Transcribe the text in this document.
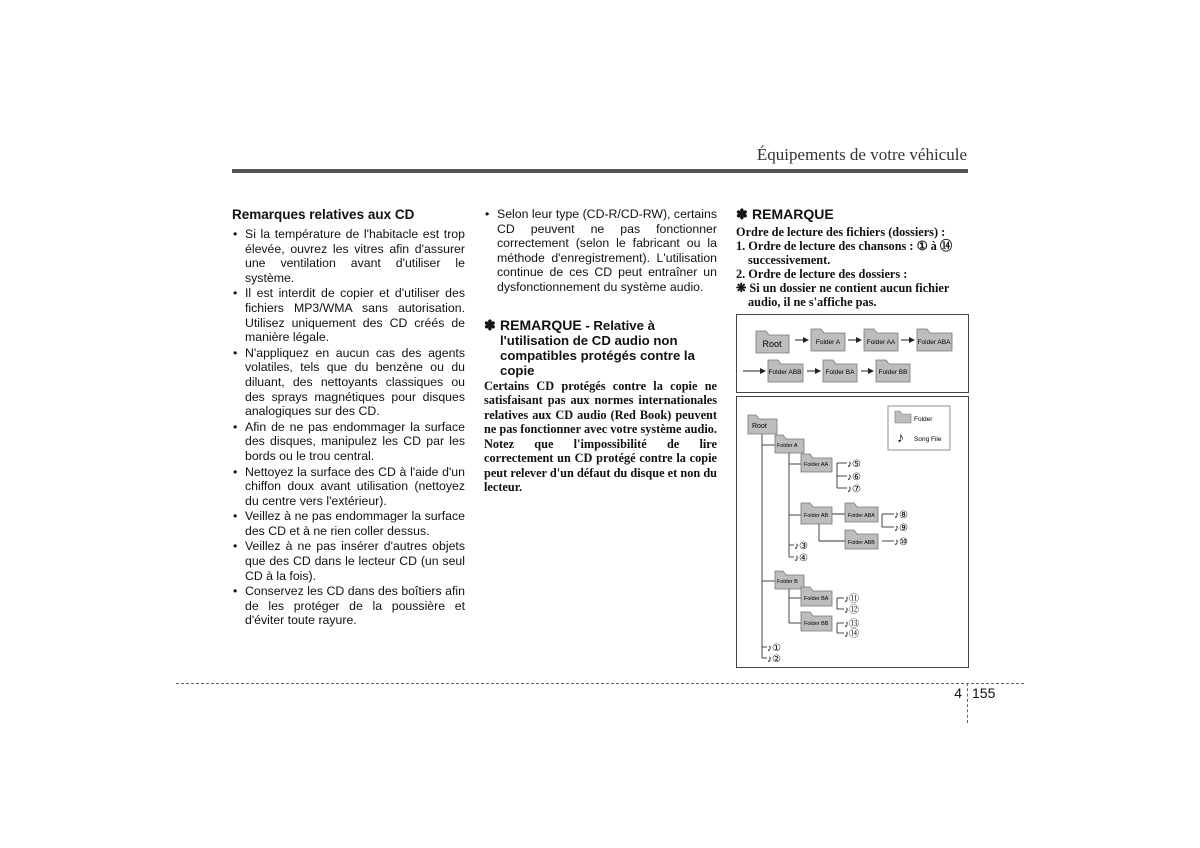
Équipements de votre véhicule
Remarques relatives aux CD
• Si la température de l'habitacle est trop élevée, ouvrez les vitres afin d'assurer une ventilation avant d'utiliser le système.
• Il est interdit de copier et d'utiliser des fichiers MP3/WMA sans autorisation. Utilisez uniquement des CD créés de manière légale.
• N'appliquez en aucun cas des agents volatiles, tels que du benzène ou du diluant, des nettoyants classiques ou des sprays magnétiques pour disques analogiques sur des CD.
• Afin de ne pas endommager la surface des disques, manipulez les CD par les bords ou le trou central.
• Nettoyez la surface des CD à l'aide d'un chiffon doux avant utilisation (nettoyez du centre vers l'extérieur).
• Veillez à ne pas endommager la surface des CD et à ne rien coller dessus.
• Veillez à ne pas insérer d'autres objets que des CD dans le lecteur CD (un seul CD à la fois).
• Conservez les CD dans des boîtiers afin de les protéger de la poussière et d'éviter toute rayure.
• Selon leur type (CD-R/CD-RW), certains CD peuvent ne pas fonctionner correctement (selon le fabricant ou la méthode d'enregistrement). L'utilisation continue de ces CD peut entraîner un dysfonctionnement du système audio.

✽ REMARQUE - Relative à l'utilisation de CD audio non compatibles protégés contre la copie

Certains CD protégés contre la copie ne satisfaisant pas aux normes internationales relatives aux CD audio (Red Book) peuvent ne pas fonctionner avec votre système audio. Notez que l'impossibilité de lire correctement un CD protégé contre la copie peut relever d'un défaut du disque et non du lecteur.

✽ REMARQUE

Ordre de lecture des fichiers (dossiers) :

1. Ordre de lecture des chansons : ① à ⑭

successivement.

2. Ordre de lecture des dossiers :

❋ Si un dossier ne contient aucun fichier

audio, il ne s'affiche pas.

Root	Folder A	Folder AA	Folder ABA
Folder ABB	Folder BA	Folder BB
Folder
♪ Song File
Root
Folder A
Folder AA
Folder AB	Folder ABA
Folder ABB
Folder B
Folder BA
Folder BB
♪⑤
♪⑥
♪⑦
♪⑧
♪⑨
♪⑩
♪③
♪④
♪⑪
♪⑫
♪⑬
♪⑭
♪①
♪②
4 155
